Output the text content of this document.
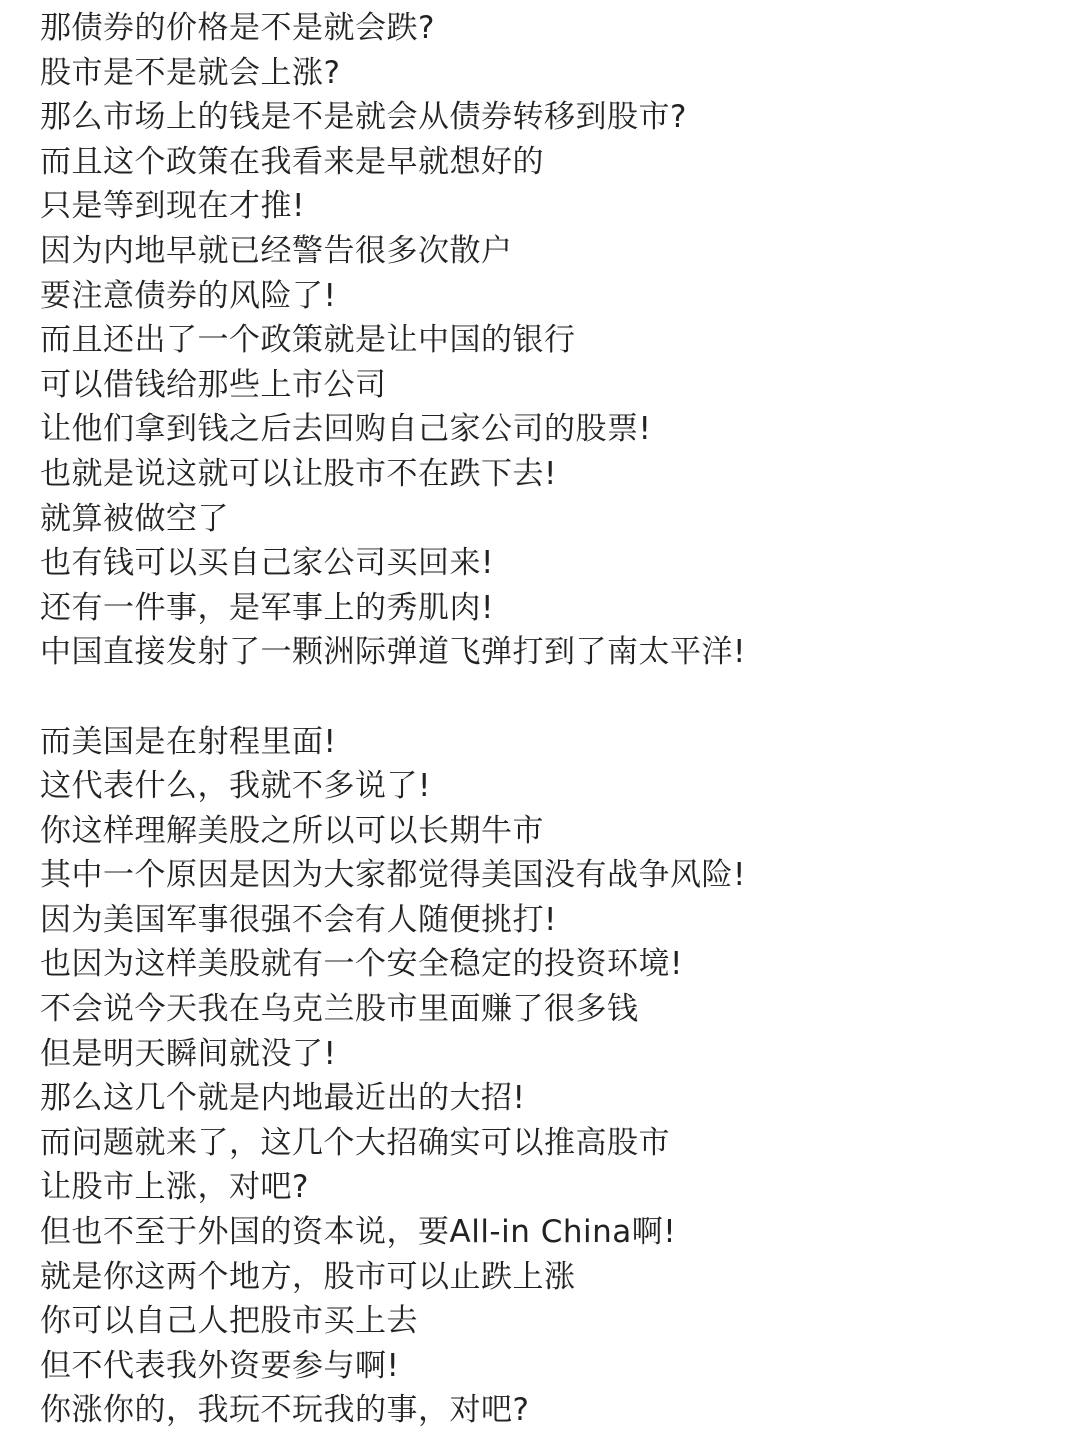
那债券的价格是不是就会跌?
股市是不是就会上涨?
那么市场上的钱是不是就会从债券转移到股市?
而且这个政策在我看来是早就想好的
只是等到现在才推!
因为内地早就已经警告很多次散户
要注意债券的风险了!
而且还出了一个政策就是让中国的银行
可以借钱给那些上市公司
让他们拿到钱之后去回购自己家公司的股票!
也就是说这就可以让股市不在跌下去!
就算被做空了
也有钱可以买自己家公司买回来!
还有一件事，是军事上的秀肌肉!
中国直接发射了一颗洲际弹道飞弹打到了南太平洋!
而美国是在射程里面!
这代表什么，我就不多说了!
你这样理解美股之所以可以长期牛市
其中一个原因是因为大家都觉得美国没有战争风险!
因为美国军事很强不会有人随便挑打!
也因为这样美股就有一个安全稳定的投资环境!
不会说今天我在乌克兰股市里面赚了很多钱
但是明天瞬间就没了!
那么这几个就是内地最近出的大招!
而问题就来了，这几个大招确实可以推高股市
让股市上涨，对吧?
但也不至于外国的资本说，要All-in China啊!
就是你这两个地方，股市可以止跌上涨
你可以自己人把股市买上去
但不代表我外资要参与啊!
你涨你的，我玩不玩我的事，对吧?
